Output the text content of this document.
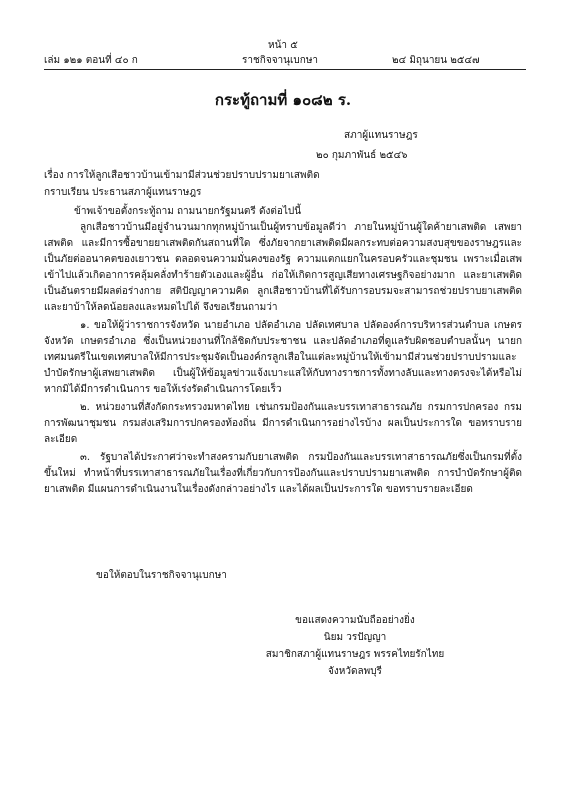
หน้า ๕
เล่ม ๑๒๑ ตอนที่ ๔๐ ก	ราชกิจจานุเบกษา	๒๔ มิถุนายน ๒๕๔๗
กระทู้ถามที่ ๑๐๘๒ ร.
สภาผู้แทนราษฎร
๒๐ กุมภาพันธ์ ๒๕๔๖
เรื่อง การให้ลูกเสือชาวบ้านเข้ามามีส่วนช่วยปราบปรามยาเสพติด
กราบเรียน ประธานสภาผู้แทนราษฎร
ข้าพเจ้าขอตั้งกระทู้ถาม ถามนายกรัฐมนตรี ดังต่อไปนี้

ลูกเสือชาวบ้านมีอยู่จำนวนมากทุกหมู่บ้านเป็นผู้ทราบข้อมูลดีว่า ภายในหมู่บ้านผู้ใดค้ายาเสพติด เสพยาเสพติด และมีการซื้อขายยาเสพติดกันสถานที่ใด ซึ่งภัยจากยาเสพติดมีผลกระทบต่อความสงบสุขของราษฎรและเป็นภัยต่ออนาคตของเยาวชน ตลอดจนความมั่นคงของรัฐ ความแตกแยกในครอบครัวและชุมชน เพราะเมื่อเสพเข้าไปแล้วเกิดอาการคลุ้มคลั่งทำร้ายตัวเองและผู้อื่น ก่อให้เกิดการสูญเสียทางเศรษฐกิจอย่างมาก และยาเสพติดเป็นอันตรายมีผลต่อร่างกาย สติปัญญาความคิด ลูกเสือชาวบ้านที่ได้รับการอบรมจะสามารถช่วยปราบยาเสพติดและยาบ้าให้ลดน้อยลงและหมดไปได้ จึงขอเรียนถามว่า

๑. ขอให้ผู้ว่าราชการจังหวัด นายอำเภอ ปลัดอำเภอ ปลัดเทศบาล ปลัดองค์การบริหารส่วนตำบล เกษตรจังหวัด เกษตรอำเภอ ซึ่งเป็นหน่วยงานที่ใกล้ชิดกับประชาชน และปลัดอำเภอที่ดูแลรับผิดชอบตำบลนั้นๆ นายกเทศมนตรีในเขตเทศบาลให้มีการประชุมจัดเป็นองค์กรลูกเสือในแต่ละหมู่บ้านให้เข้ามามีส่วนช่วยปราบปรามและบำบัดรักษาผู้เสพยาเสพติด เป็นผู้ให้ข้อมูลข่าวแจ้งเบาะแสให้กับทางราชการทั้งทางลับและทางตรงจะได้หรือไม่ หากมิได้มีการดำเนินการ ขอให้เร่งรัดดำเนินการโดยเร็ว

๒. หน่วยงานที่สังกัดกระทรวงมหาดไทย เช่นกรมป้องกันและบรรเทาสาธารณภัย กรมการปกครอง กรมการพัฒนาชุมชน กรมส่งเสริมการปกครองท้องถิ่น มีการดำเนินการอย่างไรบ้าง ผลเป็นประการใด ขอทราบรายละเอียด

๓. รัฐบาลได้ประกาศว่าจะทำสงครามกับยาเสพติด กรมป้องกันและบรรเทาสาธารณภัยซึ่งเป็นกรมที่ตั้งขึ้นใหม่ ทำหน้าที่บรรเทาสาธารณภัยในเรื่องที่เกี่ยวกับการป้องกันและปราบปรามยาเสพติด การบำบัดรักษาผู้ติดยาเสพติด มีแผนการดำเนินงานในเรื่องดังกล่าวอย่างไร และได้ผลเป็นประการใด ขอทราบรายละเอียด

ขอให้ตอบในราชกิจจานุเบกษา
ขอแสดงความนับถืออย่างยิ่ง
นิยม วรปัญญา
สมาชิกสภาผู้แทนราษฎร พรรคไทยรักไทย
จังหวัดลพบุรี
